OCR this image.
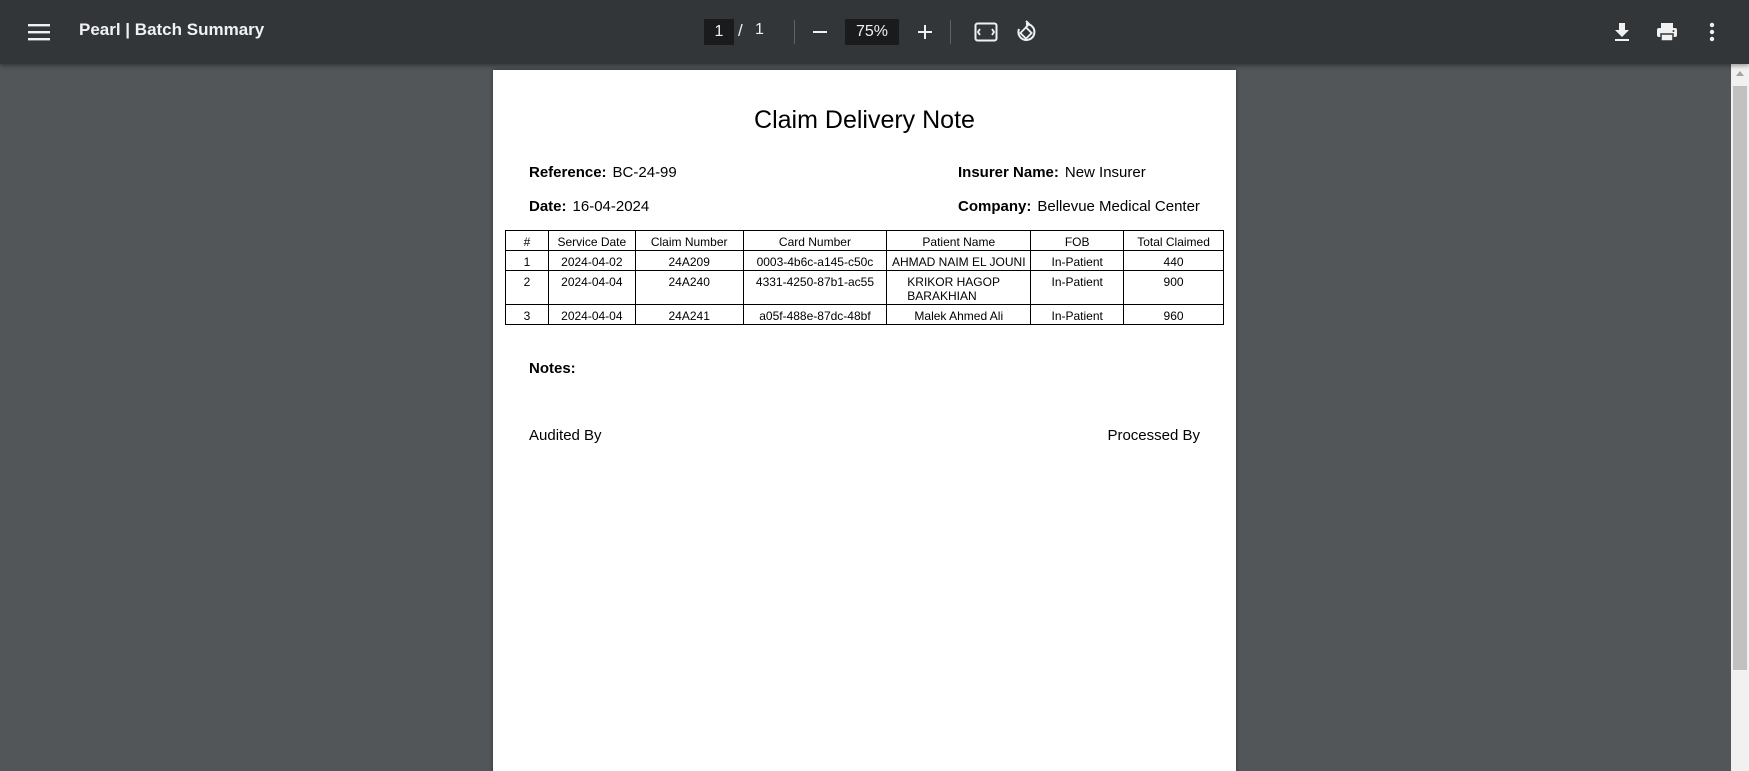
Pearl | Batch Summary
1	/ 1
75%
Claim Delivery Note
Reference: BC-24-99
Date: 16-04-2024
Insurer Name: New Insurer
Company: Bellevue Medical Center
#	Service Date	Claim Number	Card Number	Patient Name	FOB	Total Claimed
1	2024-04-02	24A209	0003-4b6c-a145-c50c	AHMAD NAIM EL JOUNI	In-Patient	440
2	2024-04-04	24A240	4331-4250-87b1-ac55	KRIKOR HAGOP BARAKHIAN	In-Patient	900
3	2024-04-04	24A241	a05f-488e-87dc-48bf	Malek Ahmed Ali	In-Patient	960
Notes:
Audited By	Processed By
